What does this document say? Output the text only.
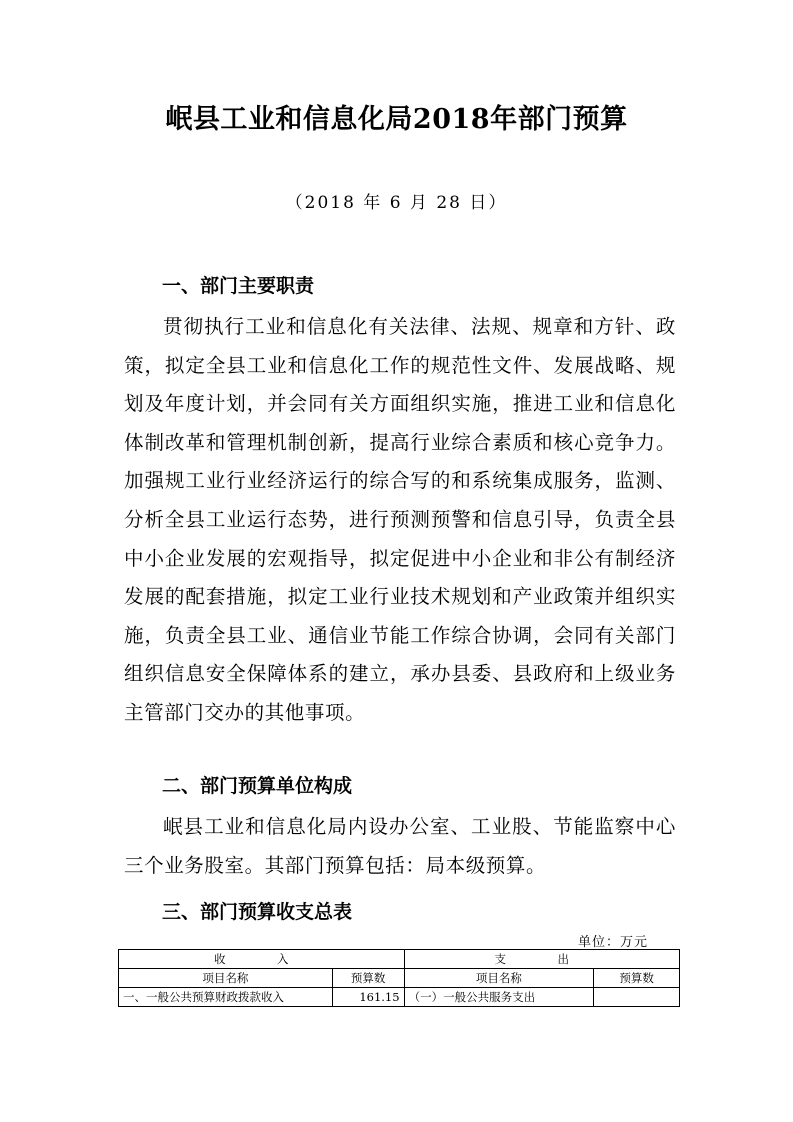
岷县工业和信息化局2018年部门预算
（2018 年 6 月 28 日）
一、部门主要职责

贯彻执行工业和信息化有关法律、法规、规章和方针、政策，拟定全县工业和信息化工作的规范性文件、发展战略、规划及年度计划，并会同有关方面组织实施，推进工业和信息化体制改革和管理机制创新，提高行业综合素质和核心竞争力。加强规工业行业经济运行的综合写的和系统集成服务，监测、分析全县工业运行态势，进行预测预警和信息引导，负责全县中小企业发展的宏观指导，拟定促进中小企业和非公有制经济发展的配套措施，拟定工业行业技术规划和产业政策并组织实施，负责全县工业、通信业节能工作综合协调，会同有关部门组织信息安全保障体系的建立，承办县委、县政府和上级业务主管部门交办的其他事项。

二、部门预算单位构成

岷县工业和信息化局内设办公室、工业股、节能监察中心三个业务股室。其部门预算包括：局本级预算。

三、部门预算收支总表
单位：万元
收　入		支　出	
项目名称	预算数	项目名称	预算数
一、一般公共预算财政拨款收入	161.15	（一）一般公共服务支出	
